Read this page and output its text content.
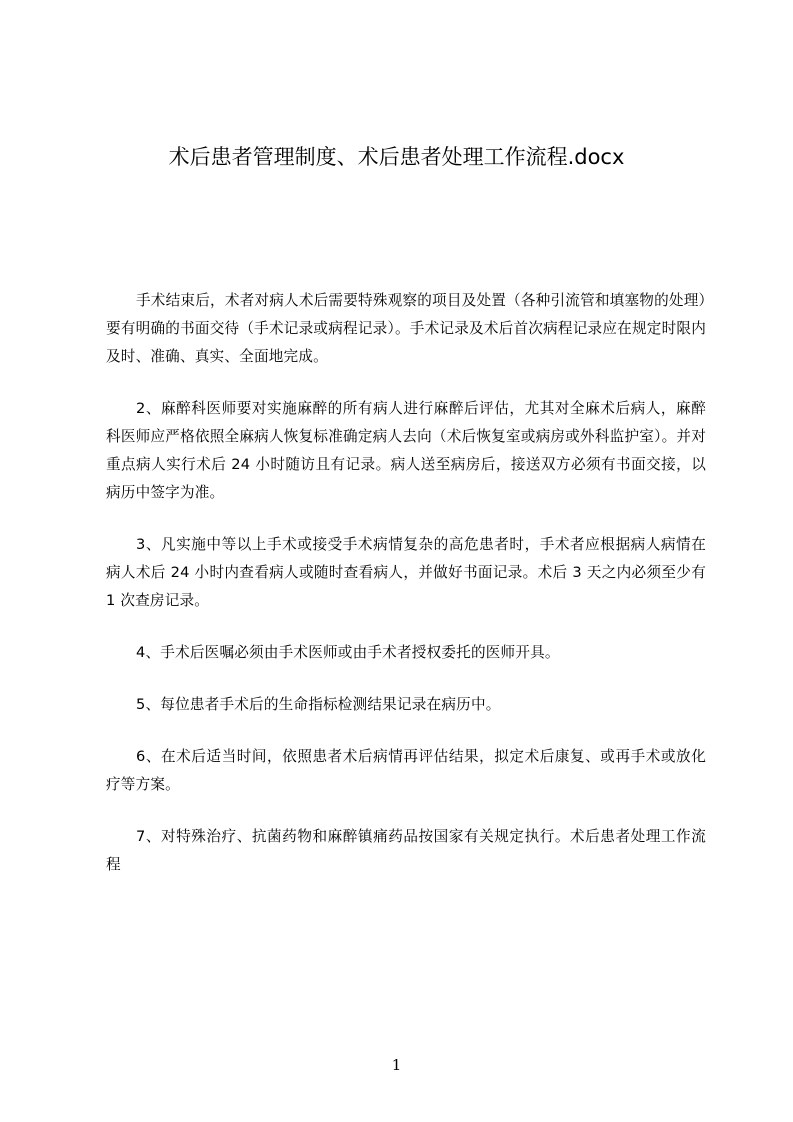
术后患者管理制度、术后患者处理工作流程.docx

手术结束后，术者对病人术后需要特殊观察的项目及处置（各种引流管和填塞物的处理）要有明确的书面交待（手术记录或病程记录）。手术记录及术后首次病程记录应在规定时限内及时、准确、真实、全面地完成。

2、麻醉科医师要对实施麻醉的所有病人进行麻醉后评估，尤其对全麻术后病人，麻醉科医师应严格依照全麻病人恢复标准确定病人去向（术后恢复室或病房或外科监护室）。并对重点病人实行术后 24 小时随访且有记录。病人送至病房后，接送双方必须有书面交接，以病历中签字为准。

3、凡实施中等以上手术或接受手术病情复杂的高危患者时，手术者应根据病人病情在病人术后 24 小时内查看病人或随时查看病人，并做好书面记录。术后 3 天之内必须至少有 1 次查房记录。

4、手术后医嘱必须由手术医师或由手术者授权委托的医师开具。

5、每位患者手术后的生命指标检测结果记录在病历中。

6、在术后适当时间，依照患者术后病情再评估结果，拟定术后康复、或再手术或放化疗等方案。

7、对特殊治疗、抗菌药物和麻醉镇痛药品按国家有关规定执行。术后患者处理工作流程

1
